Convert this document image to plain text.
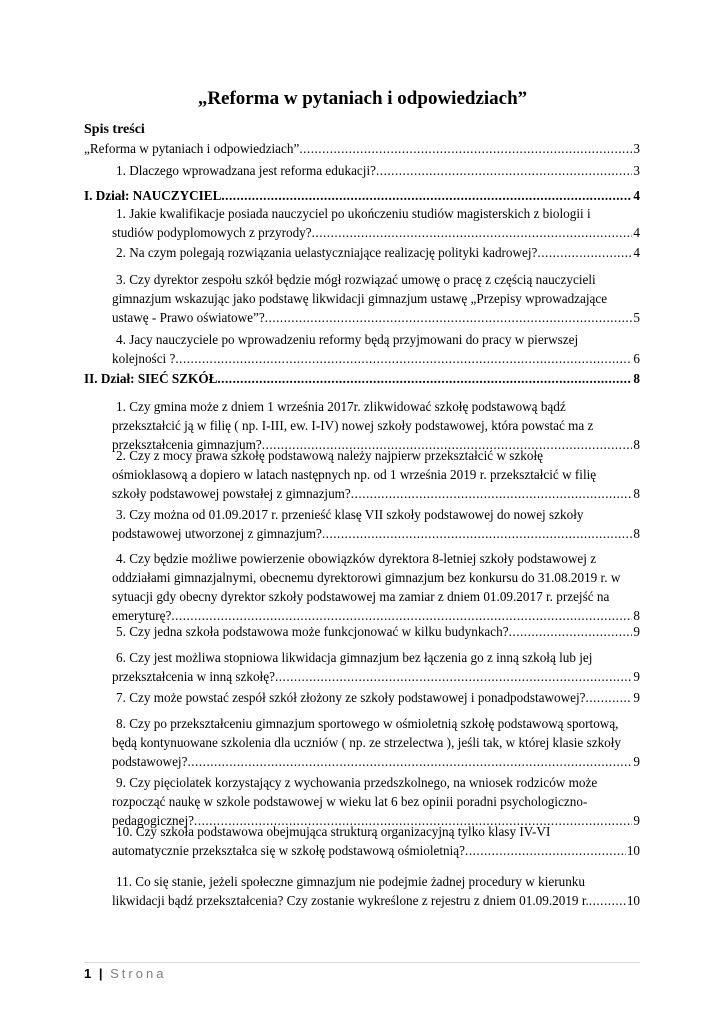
„Reforma w pytaniach i odpowiedziach”
Spis treści
„Reforma w pytaniach i odpowiedziach” .....	3
1. Dlaczego wprowadzana jest reforma edukacji? .....	3
I. Dział: NAUCZYCIEL .....	4
1. Jakie kwalifikacje posiada nauczyciel po ukończeniu studiów magisterskich z biologii i
studiów podyplomowych z przyrody? .....	4
2. Na czym polegają rozwiązania uelastyczniające realizację polityki kadrowej? .....	4
3. Czy dyrektor zespołu szkół będzie mógł rozwiązać umowę o pracę z częścią nauczycieli
gimnazjum wskazując jako podstawę likwidacji gimnazjum ustawę „Przepisy wprowadzające
ustawę - Prawo oświatowe”? .....	5
4. Jacy nauczyciele po wprowadzeniu reformy będą przyjmowani do pracy w pierwszej
kolejności ? .....	6
II. Dział: SIEĆ SZKÓŁ .....	8
1. Czy gmina może z dniem 1 września 2017r. zlikwidować szkołę podstawową bądź
przekształcić ją w filię ( np. I-III, ew. I-IV) nowej szkoły podstawowej, która powstać ma z
przekształcenia gimnazjum? .....	8
2. Czy z mocy prawa szkołę podstawową należy najpierw przekształcić w szkołę
ośmioklasową a dopiero w latach następnych np. od 1 września 2019 r. przekształcić w filię
szkoły podstawowej powstałej z gimnazjum? .....	8
3. Czy można od 01.09.2017 r. przenieść klasę VII szkoły podstawowej do nowej szkoły
podstawowej utworzonej z gimnazjum? .....	8
4. Czy będzie możliwe powierzenie obowiązków dyrektora 8-letniej szkoły podstawowej z
oddziałami gimnazjalnymi, obecnemu dyrektorowi gimnazjum bez konkursu do 31.08.2019 r. w
sytuacji gdy obecny dyrektor szkoły podstawowej ma zamiar z dniem 01.09.2017 r. przejść na
emeryturę? .....	8
5. Czy jedna szkoła podstawowa może funkcjonować w kilku budynkach? .....	9
6. Czy jest możliwa stopniowa likwidacja gimnazjum bez łączenia go z inną szkołą lub jej
przekształcenia w inną szkołę? .....	9
7. Czy może powstać zespół szkół złożony ze szkoły podstawowej i ponadpodstawowej? .....	9
8. Czy po przekształceniu gimnazjum sportowego w ośmioletnią szkołę podstawową sportową,
będą kontynuowane szkolenia dla uczniów ( np. ze strzelectwa ), jeśli tak, w której klasie szkoły
podstawowej? .....	9
9. Czy pięciolatek korzystający z wychowania przedszkolnego, na wniosek rodziców może
rozpocząć naukę w szkole podstawowej w wieku lat 6 bez opinii poradni psychologiczno-
pedagogicznej? .....	9
10. Czy szkoła podstawowa obejmująca strukturą organizacyjną tylko klasy IV-VI
automatycznie przekształca się w szkołę podstawową ośmioletnią? .....	10
11. Co się stanie, jeżeli społeczne gimnazjum nie podejmie żadnej procedury w kierunku
likwidacji bądź przekształcenia? Czy zostanie wykreślone z rejestru z dniem 01.09.2019 r. .....	10
1 | Strona
